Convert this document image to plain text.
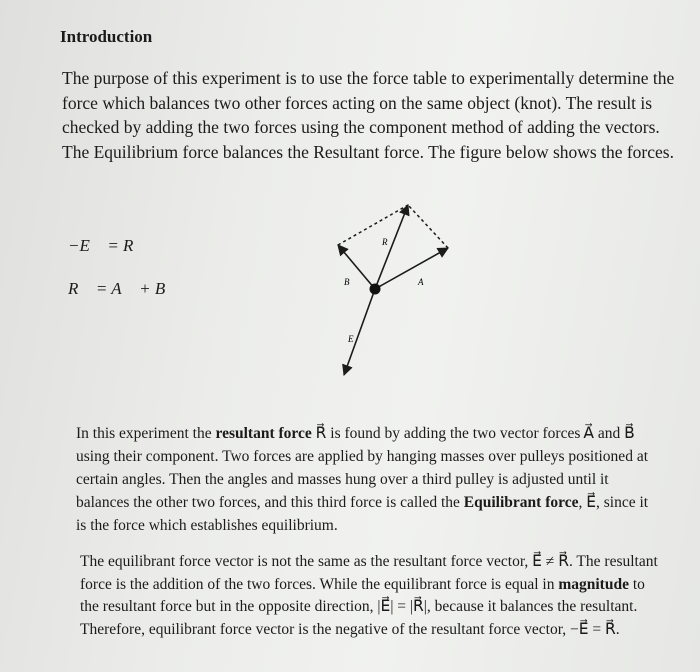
Introduction
The purpose of this experiment is to use the force table to experimentally determine the force which balances two other forces acting on the same object (knot). The result is checked by adding the two forces using the component method of adding the vectors. The Equilibrium force balances the Resultant force. The figure below shows the forces.
−E⃗ = R⃗
R⃗ = A⃗ + B⃗
R⃗
A⃗
B⃗
E⃗
In this experiment the resultant force R⃗ is found by adding the two vector forces A⃗ and B⃗ using their component. Two forces are applied by hanging masses over pulleys positioned at certain angles. Then the angles and masses hung over a third pulley is adjusted until it balances the other two forces, and this third force is called the Equilibrant force, E⃗, since it is the force which establishes equilibrium.
The equilibrant force vector is not the same as the resultant force vector, E⃗ ≠ R⃗. The resultant force is the addition of the two forces. While the equilibrant force is equal in magnitude to the resultant force but in the opposite direction, |E⃗| = |R⃗|, because it balances the resultant. Therefore, equilibrant force vector is the negative of the resultant force vector, −E⃗ = R⃗.
